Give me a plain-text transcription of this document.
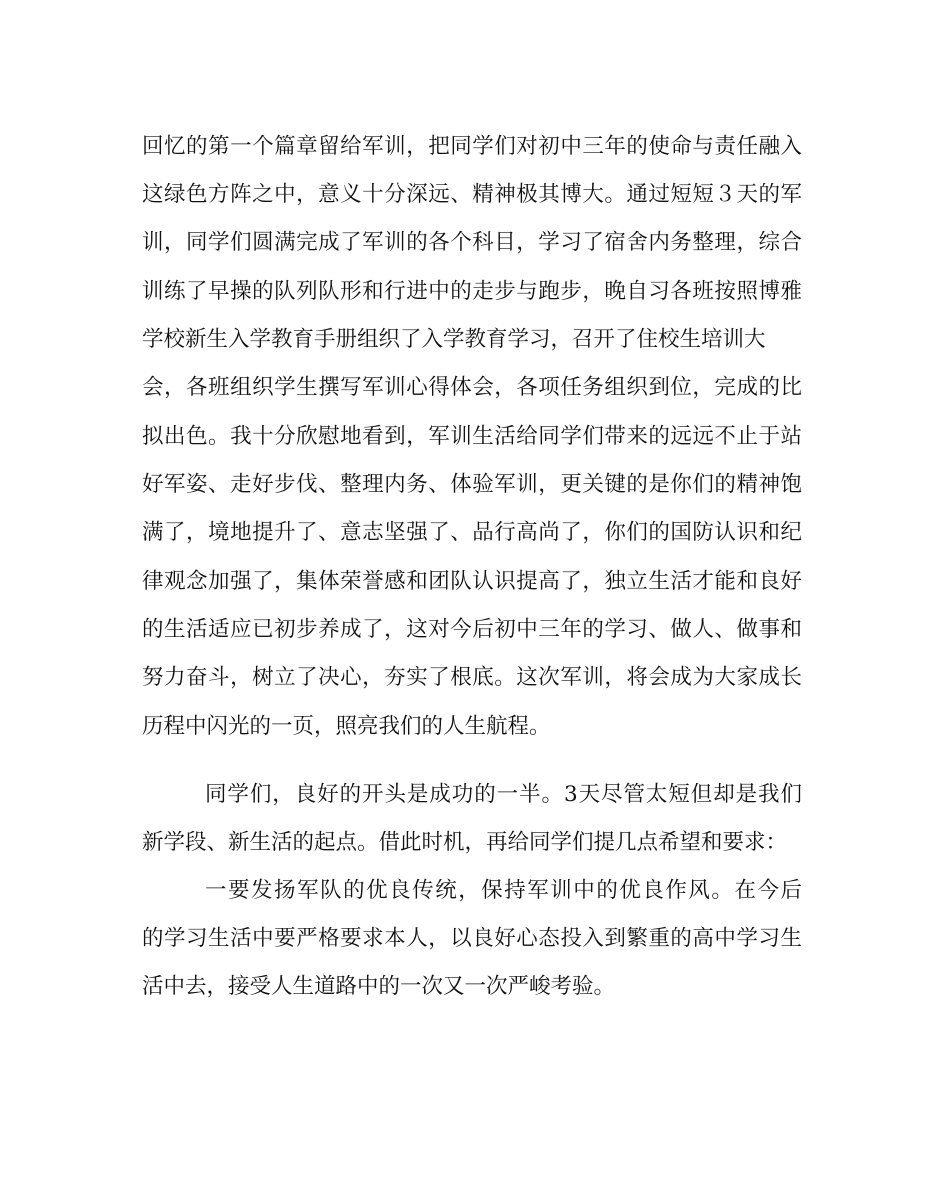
回忆的第一个篇章留给军训，把同学们对初中三年的使命与责任融入
这绿色方阵之中，意义十分深远、精神极其博大。通过短短３天的军
训，同学们圆满完成了军训的各个科目，学习了宿舍内务整理，综合
训练了早操的队列队形和行进中的走步与跑步，晚自习各班按照博雅
学校新生入学教育手册组织了入学教育学习，召开了住校生培训大
会，各班组织学生撰写军训心得体会，各项任务组织到位，完成的比
拟出色。我十分欣慰地看到，军训生活给同学们带来的远远不止于站
好军姿、走好步伐、整理内务、体验军训，更关键的是你们的精神饱
满了，境地提升了、意志坚强了、品行高尚了，你们的国防认识和纪
律观念加强了，集体荣誉感和团队认识提高了，独立生活才能和良好
的生活适应已初步养成了，这对今后初中三年的学习、做人、做事和
努力奋斗，树立了决心，夯实了根底。这次军训，将会成为大家成长
历程中闪光的一页，照亮我们的人生航程。
同学们，良好的开头是成功的一半。3天尽管太短但却是我们
新学段、新生活的起点。借此时机，再给同学们提几点希望和要求：
一要发扬军队的优良传统，保持军训中的优良作风。在今后
的学习生活中要严格要求本人，以良好心态投入到繁重的高中学习生
活中去，接受人生道路中的一次又一次严峻考验。
